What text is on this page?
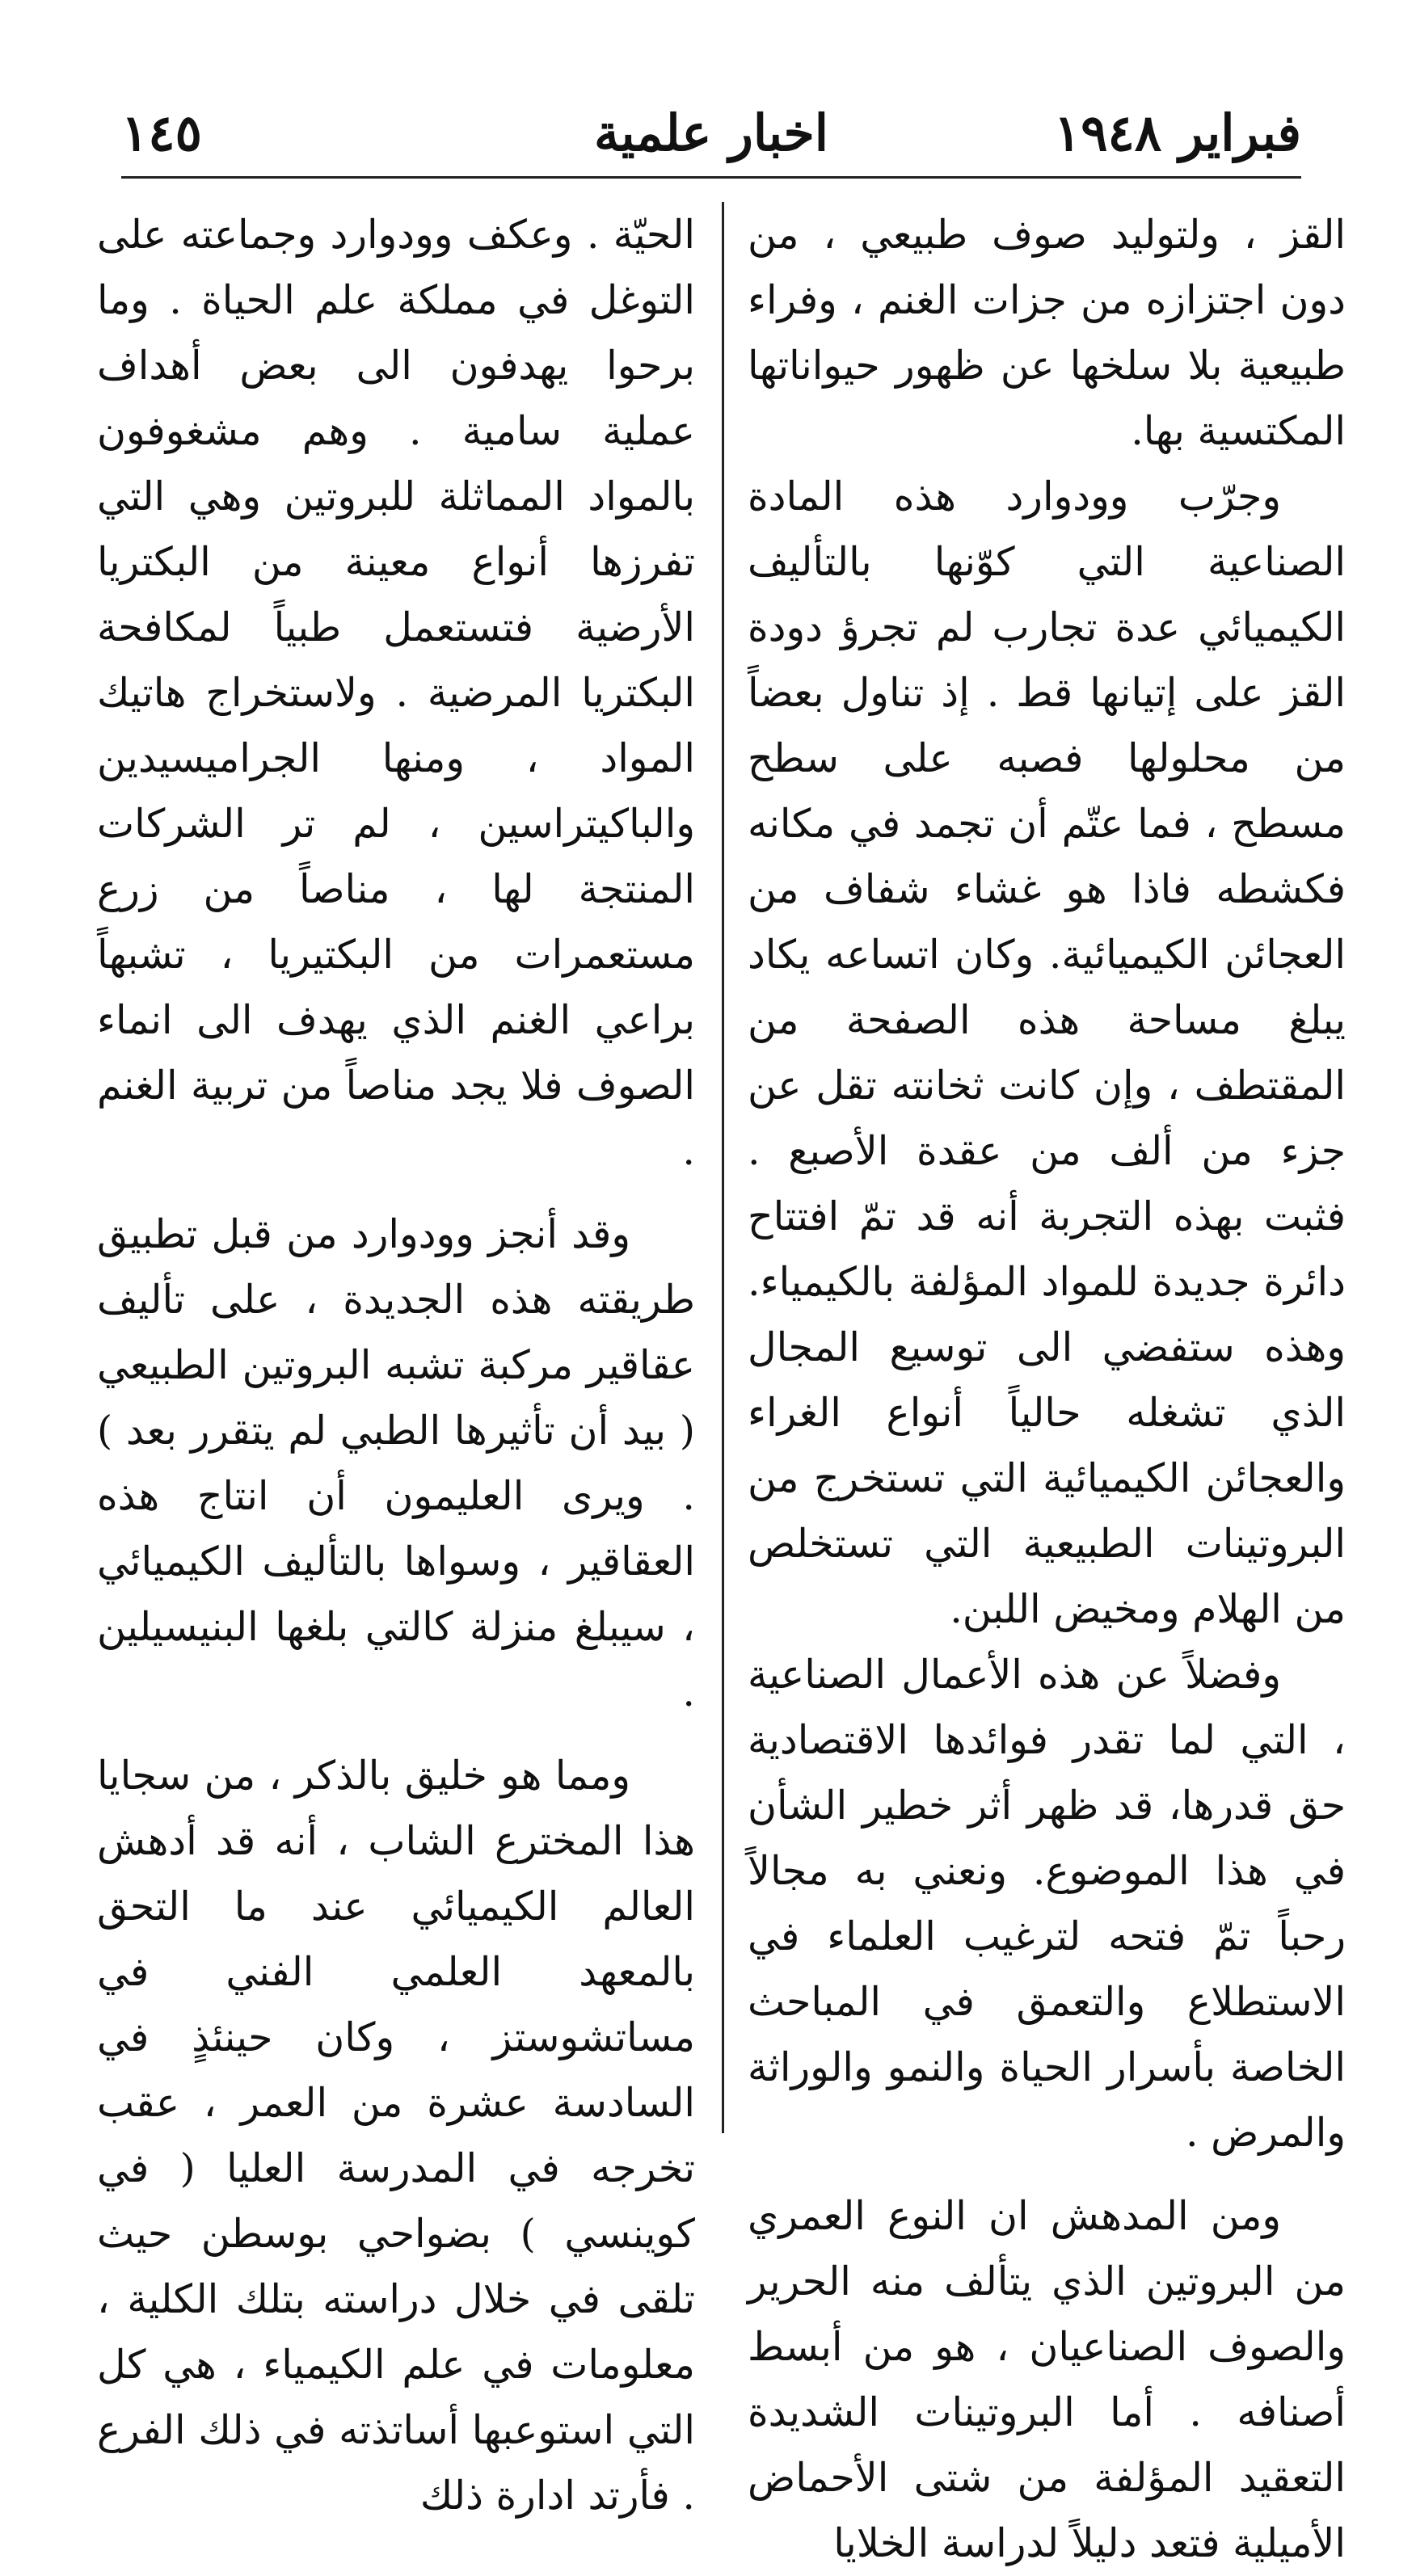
فبراير ١٩٤٨
اخبار علمية
١٤٥

القز ، ولتوليد صوف طبيعي ، من دون اجتزازه من جزات الغنم ، وفراء طبيعية بلا سلخها عن ظهور حيواناتها المكتسية بها.

وجرّب وودوارد هذه المادة الصناعية التي كوّنها بالتأليف الكيميائي عدة تجارب لم تجرؤ دودة القز على إتيانها قط . إذ تناول بعضاً من محلولها فصبه على سطح مسطح ، فما عتّم أن تجمد في مكانه فكشطه فاذا هو غشاء شفاف من العجائن الكيميائية. وكان اتساعه يكاد يبلغ مساحة هذه الصفحة من المقتطف ، وإن كانت ثخانته تقل عن جزء من ألف من عقدة الأصبع . فثبت بهذه التجربة أنه قد تمّ افتتاح دائرة جديدة للمواد المؤلفة بالكيمياء. وهذه ستفضي الى توسيع المجال الذي تشغله حالياً أنواع الغراء والعجائن الكيميائية التي تستخرج من البروتينات الطبيعية التي تستخلص من الهلام ومخيض اللبن.

وفضلاً عن هذه الأعمال الصناعية ، التي لما تقدر فوائدها الاقتصادية حق قدرها، قد ظهر أثر خطير الشأن في هذا الموضوع. ونعني به مجالاً رحباً تمّ فتحه لترغيب العلماء في الاستطلاع والتعمق في المباحث الخاصة بأسرار الحياة والنمو والوراثة والمرض .

ومن المدهش ان النوع العمري من البروتين الذي يتألف منه الحرير والصوف الصناعيان ، هو من أبسط أصنافه . أما البروتينات الشديدة التعقيد المؤلفة من شتى الأحماض الأميلية فتعد دليلاً لدراسة الخلايا

الحيّة . وعكف وودوارد وجماعته على التوغل في مملكة علم الحياة . وما برحوا يهدفون الى بعض أهداف عملية سامية . وهم مشغوفون بالمواد المماثلة للبروتين وهي التي تفرزها أنواع معينة من البكتريا الأرضية فتستعمل طبياً لمكافحة البكتريا المرضية . ولاستخراج هاتيك المواد ، ومنها الجراميسيدين والباكيتراسين ، لم تر الشركات المنتجة لها ، مناصاً من زرع مستعمرات من البكتيريا ، تشبهاً براعي الغنم الذي يهدف الى انماء الصوف فلا يجد مناصاً من تربية الغنم .

وقد أنجز وودوارد من قبل تطبيق طريقته هذه الجديدة ، على تأليف عقاقير مركبة تشبه البروتين الطبيعي ( بيد أن تأثيرها الطبي لم يتقرر بعد ) . ويرى العليمون أن انتاج هذه العقاقير ، وسواها بالتأليف الكيميائي ، سيبلغ منزلة كالتي بلغها البنيسيلين .

ومما هو خليق بالذكر ، من سجايا هذا المخترع الشاب ، أنه قد أدهش العالم الكيميائي عند ما التحق بالمعهد العلمي الفني في مساتشوستز ، وكان حينئذٍ في السادسة عشرة من العمر ، عقب تخرجه في المدرسة العليا ( في كوينسي ) بضواحي بوسطن حيث تلقى في خلال دراسته بتلك الكلية ، معلومات في علم الكيمياء ، هي كل التي استوعبها أساتذته في ذلك الفرع . فأرتد ادارة ذلك
